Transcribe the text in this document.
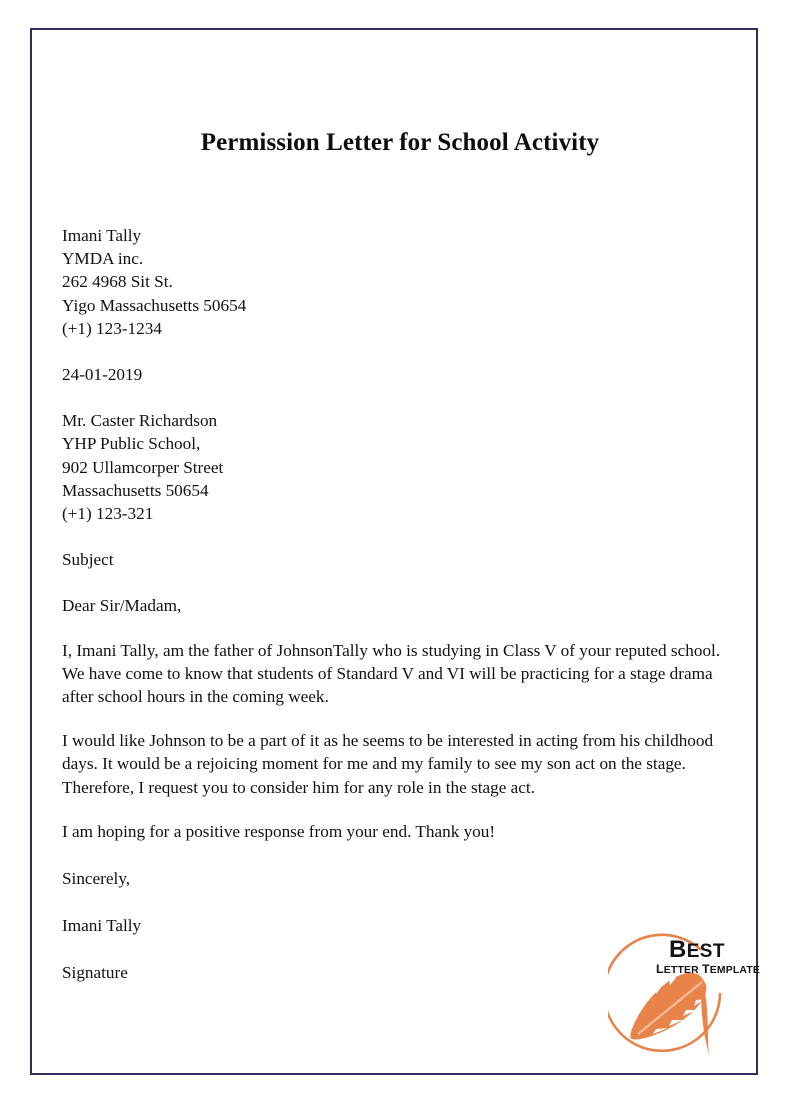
Permission Letter for School Activity
Imani Tally
YMDA inc.
262 4968 Sit St.
Yigo Massachusetts 50654
(+1) 123-1234
24-01-2019
Mr. Caster Richardson
YHP Public School,
902 Ullamcorper Street
Massachusetts 50654
(+1) 123-321
Subject
Dear Sir/Madam,

I, Imani Tally, am the father of JohnsonTally who is studying in Class V of your reputed school. We have come to know that students of Standard V and VI will be practicing for a stage drama after school hours in the coming week.

I would like Johnson to be a part of it as he seems to be interested in acting from his childhood days. It would be a rejoicing moment for me and my family to see my son act on the stage. Therefore, I request you to consider him for any role in the stage act.

I am hoping for a positive response from your end. Thank you!

Sincerely,
Imani Tally
Signature
BEST
LETTER TEMPLATE
